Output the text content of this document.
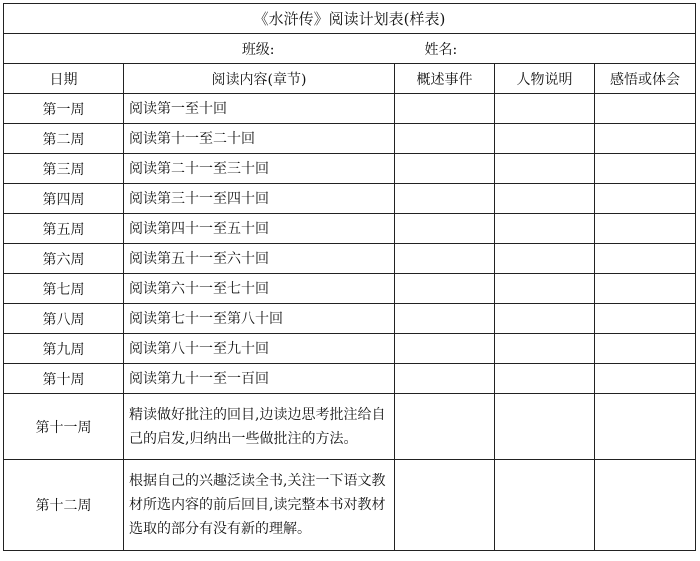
《水浒传》阅读计划表(样表)				
班级: 姓名:				
日期	阅读内容(章节)	概述事件	人物说明	感悟或体会
第一周	阅读第一至十回			
第二周	阅读第十一至二十回			
第三周	阅读第二十一至三十回			
第四周	阅读第三十一至四十回			
第五周	阅读第四十一至五十回			
第六周	阅读第五十一至六十回			
第七周	阅读第六十一至七十回			
第八周	阅读第七十一至第八十回			
第九周	阅读第八十一至九十回			
第十周	阅读第九十一至一百回			
第十一周	精读做好批注的回目,边读边思考批注给自己的启发,归纳出一些做批注的方法。			
第十二周	根据自己的兴趣泛读全书,关注一下语文教材所选内容的前后回目,读完整本书对教材选取的部分有没有新的理解。			
